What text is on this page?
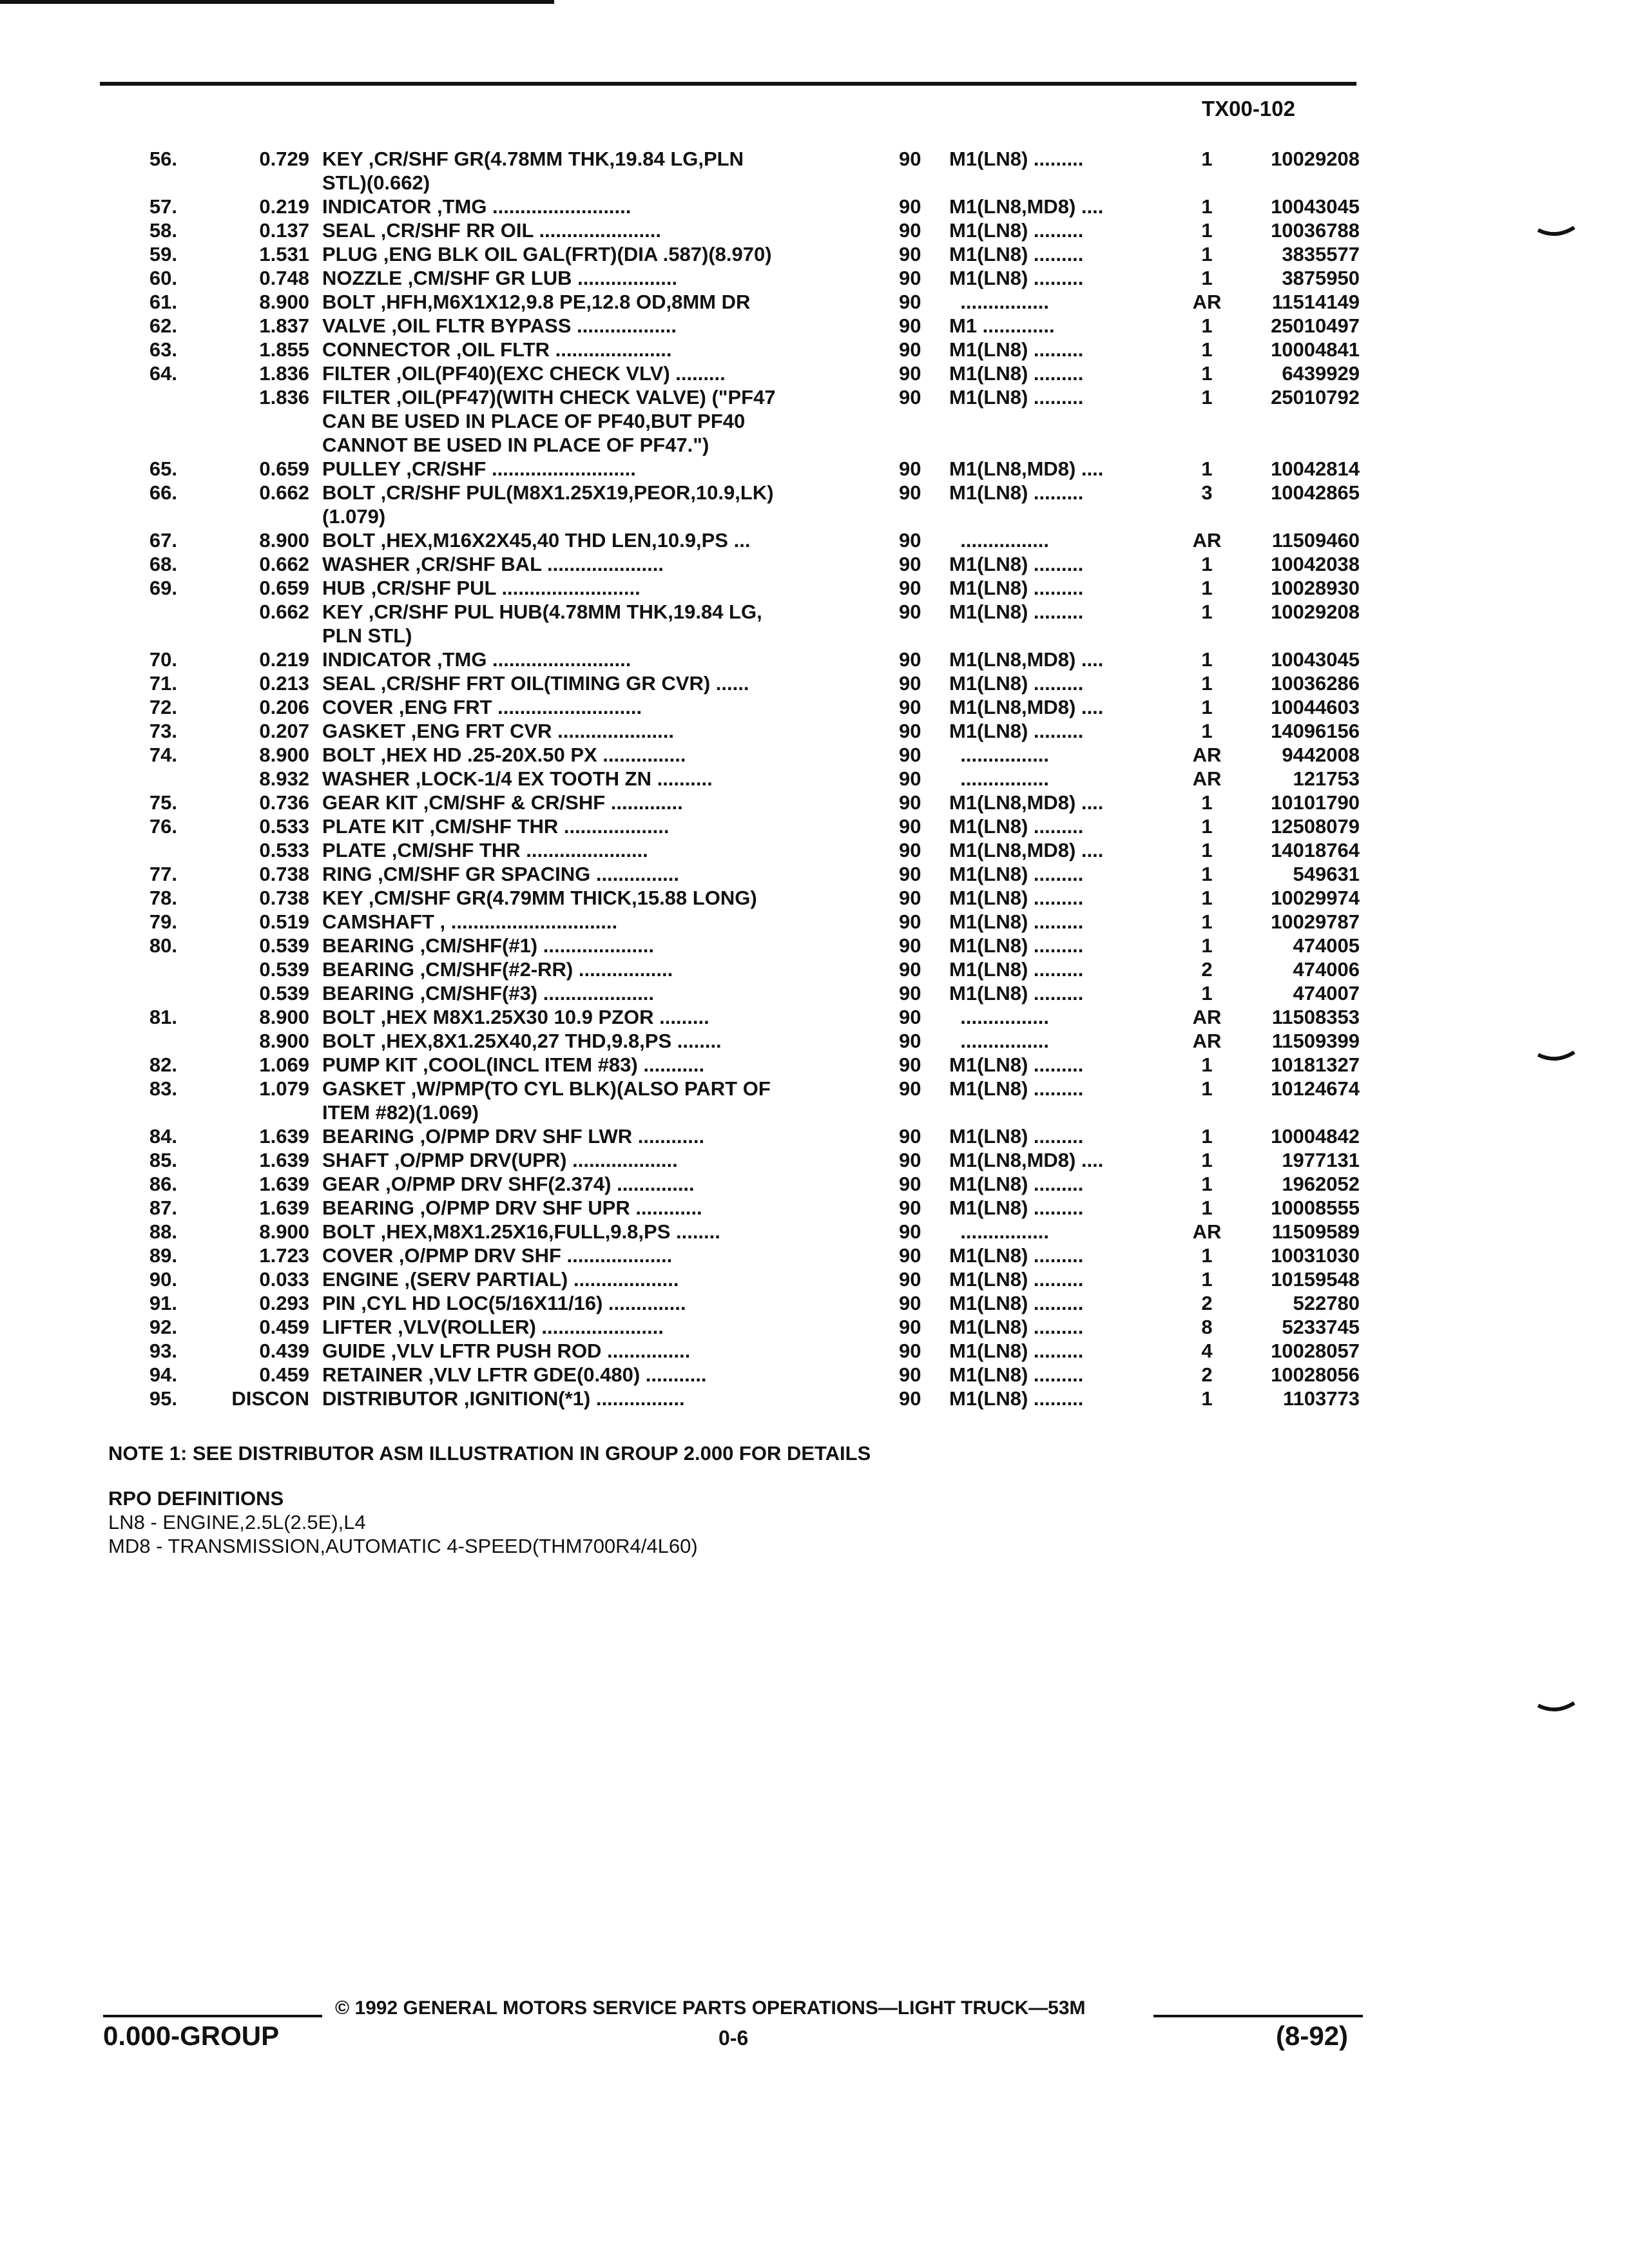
TX00-102
56.	0.729 KEY ,CR/SHF GR(4.78MM THK,19.84 LG,PLN	90	M1(LN8) .........	1	10029208
STL)(0.662)
57.	0.219 INDICATOR ,TMG .........................	90	M1(LN8,MD8) ....	1	10043045
58.	0.137 SEAL ,CR/SHF RR OIL ......................	90	M1(LN8) .........	1	10036788
59.	1.531 PLUG ,ENG BLK OIL GAL(FRT)(DIA .587)(8.970)	90	M1(LN8) .........	1	3835577
60.	0.748 NOZZLE ,CM/SHF GR LUB ..................	90	M1(LN8) .........	1	3875950
61.	8.900 BOLT ,HFH,M6X1X12,9.8 PE,12.8 OD,8MM DR	90	................	AR	11514149
62.	1.837 VALVE ,OIL FLTR BYPASS ..................	90	M1 .............	1	25010497
63.	1.855 CONNECTOR ,OIL FLTR .....................	90	M1(LN8) .........	1	10004841
64.	1.836 FILTER ,OIL(PF40)(EXC CHECK VLV) .........	90	M1(LN8) .........	1	6439929
1.836 FILTER ,OIL(PF47)(WITH CHECK VALVE) ("PF47	90	M1(LN8) .........	1	25010792
CAN BE USED IN PLACE OF PF40,BUT PF40
CANNOT BE USED IN PLACE OF PF47.")
65.	0.659 PULLEY ,CR/SHF ..........................	90	M1(LN8,MD8) ....	1	10042814
66.	0.662 BOLT ,CR/SHF PUL(M8X1.25X19,PEOR,10.9,LK)	90	M1(LN8) .........	3	10042865
(1.079)
67.	8.900 BOLT ,HEX,M16X2X45,40 THD LEN,10.9,PS ...	90	................	AR	11509460
68.	0.662 WASHER ,CR/SHF BAL .....................	90	M1(LN8) .........	1	10042038
69.	0.659 HUB ,CR/SHF PUL .........................	90	M1(LN8) .........	1	10028930
0.662 KEY ,CR/SHF PUL HUB(4.78MM THK,19.84 LG,	90	M1(LN8) .........	1	10029208
PLN STL)
70.	0.219 INDICATOR ,TMG .........................	90	M1(LN8,MD8) ....	1	10043045
71.	0.213 SEAL ,CR/SHF FRT OIL(TIMING GR CVR) ......	90	M1(LN8) .........	1	10036286
72.	0.206 COVER ,ENG FRT ..........................	90	M1(LN8,MD8) ....	1	10044603
73.	0.207 GASKET ,ENG FRT CVR .....................	90	M1(LN8) .........	1	14096156
74.	8.900 BOLT ,HEX HD .25-20X.50 PX ...............	90	................	AR	9442008
8.932 WASHER ,LOCK-1/4 EX TOOTH ZN ..........	90	................	AR	121753
75.	0.736 GEAR KIT ,CM/SHF & CR/SHF .............	90	M1(LN8,MD8) ....	1	10101790
76.	0.533 PLATE KIT ,CM/SHF THR ...................	90	M1(LN8) .........	1	12508079
0.533 PLATE ,CM/SHF THR ......................	90	M1(LN8,MD8) ....	1	14018764
77.	0.738 RING ,CM/SHF GR SPACING ...............	90	M1(LN8) .........	1	549631
78.	0.738 KEY ,CM/SHF GR(4.79MM THICK,15.88 LONG)	90	M1(LN8) .........	1	10029974
79.	0.519 CAMSHAFT , ..............................	90	M1(LN8) .........	1	10029787
80.	0.539 BEARING ,CM/SHF(#1) ....................	90	M1(LN8) .........	1	474005
0.539 BEARING ,CM/SHF(#2-RR) .................	90	M1(LN8) .........	2	474006
0.539 BEARING ,CM/SHF(#3) ....................	90	M1(LN8) .........	1	474007
81.	8.900 BOLT ,HEX M8X1.25X30 10.9 PZOR .........	90	................	AR	11508353
8.900 BOLT ,HEX,8X1.25X40,27 THD,9.8,PS ........	90	................	AR	11509399
82.	1.069 PUMP KIT ,COOL(INCL ITEM #83) ...........	90	M1(LN8) .........	1	10181327
83.	1.079 GASKET ,W/PMP(TO CYL BLK)(ALSO PART OF	90	M1(LN8) .........	1	10124674
ITEM #82)(1.069)
84.	1.639 BEARING ,O/PMP DRV SHF LWR ............	90	M1(LN8) .........	1	10004842
85.	1.639 SHAFT ,O/PMP DRV(UPR) ...................	90	M1(LN8,MD8) ....	1	1977131
86.	1.639 GEAR ,O/PMP DRV SHF(2.374) ..............	90	M1(LN8) .........	1	1962052
87.	1.639 BEARING ,O/PMP DRV SHF UPR ............	90	M1(LN8) .........	1	10008555
88.	8.900 BOLT ,HEX,M8X1.25X16,FULL,9.8,PS ........	90	................	AR	11509589
89.	1.723 COVER ,O/PMP DRV SHF ...................	90	M1(LN8) .........	1	10031030
90.	0.033 ENGINE ,(SERV PARTIAL) ...................	90	M1(LN8) .........	1	10159548
91.	0.293 PIN ,CYL HD LOC(5/16X11/16) ..............	90	M1(LN8) .........	2	522780
92.	0.459 LIFTER ,VLV(ROLLER) ......................	90	M1(LN8) .........	8	5233745
93.	0.439 GUIDE ,VLV LFTR PUSH ROD ...............	90	M1(LN8) .........	4	10028057
94.	0.459 RETAINER ,VLV LFTR GDE(0.480) ...........	90	M1(LN8) .........	2	10028056
95.	DISCON DISTRIBUTOR ,IGNITION(*1) ................	90	M1(LN8) .........	1	1103773
NOTE 1: SEE DISTRIBUTOR ASM ILLUSTRATION IN GROUP 2.000 FOR DETAILS
RPO DEFINITIONS
LN8 - ENGINE,2.5L(2.5E),L4
MD8 - TRANSMISSION,AUTOMATIC 4-SPEED(THM700R4/4L60)
© 1992 GENERAL MOTORS SERVICE PARTS OPERATIONS—LIGHT TRUCK—53M
0.000-GROUP	0-6	(8-92)
